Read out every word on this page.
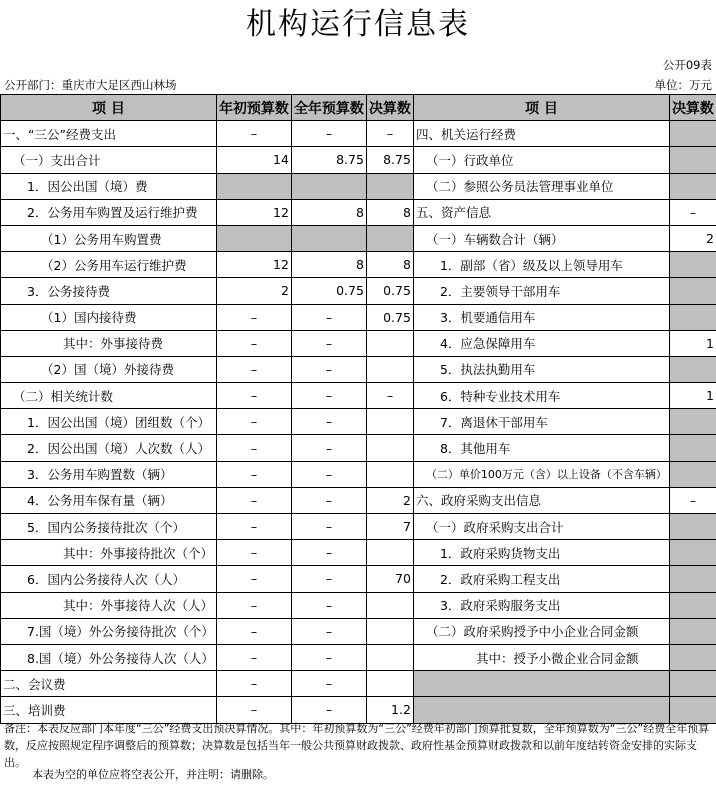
机构运行信息表
公开09表
公开部门：重庆市大足区西山林场	单位：万元
项 目	年初预算数	全年预算数	决算数	项 目	决算数
一、“三公”经费支出	–	–	–	四、机关运行经费	
（一）支出合计	14	8.75	8.75	（一）行政单位	
1．因公出国（境）费				（二）参照公务员法管理事业单位	
2．公务用车购置及运行维护费	12	8	8	五、资产信息	–
（1）公务用车购置费				（一）车辆数合计（辆）	2
（2）公务用车运行维护费	12	8	8	1．副部（省）级及以上领导用车	
3．公务接待费	2	0.75	0.75	2．主要领导干部用车	
（1）国内接待费	–	–	0.75	3．机要通信用车	
其中：外事接待费	–	–		4．应急保障用车	1
（2）国（境）外接待费	–	–		5．执法执勤用车	
（二）相关统计数	–	–	–	6．特种专业技术用车	1
1．因公出国（境）团组数（个）	–	–		7．离退休干部用车	
2．因公出国（境）人次数（人）	–	–		8．其他用车	
3．公务用车购置数（辆）	–	–		（二）单价100万元（含）以上设备（不含车辆）	
4．公务用车保有量（辆）	–	–	2	六、政府采购支出信息	–
5．国内公务接待批次（个）	–	–	7	（一）政府采购支出合计	
其中：外事接待批次（个）	–	–		1．政府采购货物支出	
6．国内公务接待人次（人）	–	–	70	2．政府采购工程支出	
其中：外事接待人次（人）	–	–		3．政府采购服务支出	
7.国（境）外公务接待批次（个）	–	–		（二）政府采购授予中小企业合同金额	
8.国（境）外公务接待人次（人）	–	–		其中：授予小微企业合同金额	
二、会议费	–	–			
三、培训费	–	–	1.2		
备注：本表反应部门本年度“三公”经费支出预决算情况。其中：年初预算数为“三公”经费年初部门预算批复数，全年预算数为“三公”经费全年预算数，反应按照规定程序调整后的预算数；决算数是包括当年一般公共预算财政拨款、政府性基金预算财政拨款和以前年度结转资金安排的实际支出。
本表为空的单位应将空表公开，并注明：请删除。
